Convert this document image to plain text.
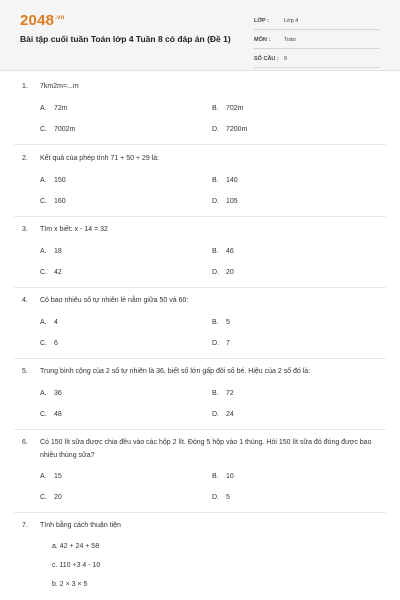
$2048^{.vn}$
Bài tập cuối tuần Toán lớp 4 Tuần 8 có đáp án (Đề 1)
LỚP :	Lớp 4
MÔN :	Toán
SỐ CÂU : 9
1. 7km2m=...m
A. 72m	B. 702m
C. 7002m	D. 7200m
2. Kết quả của phép tính 71 + 50 + 29 là:
A. 150	B. 140
C. 160	D. 105
3. Tìm x biết: x - 14 = 32
A. 18	B. 46
C. 42	D. 20
4. Có bao nhiêu số tự nhiên lẻ nằm giữa 50 và 60:
A. 4	B. 5
C. 6	D. 7
5. Trung bình cộng của 2 số tự nhiên là 36, biết số lớn gấp đôi số bé. Hiệu của 2 số đó là:
A. 36	B. 72
C. 48	D. 24
6. Có 150 lít sữa được chia đều vào các hộp 2 lít. Đóng 5 hộp vào 1 thùng. Hỏi 150 lít sữa đó đóng được bao nhiêu thùng sữa?
A. 15	B. 10
C. 20	D. 5
7. Tính bằng cách thuận tiện
a. 42 + 24 + 58
c. 110 +3 4 - 10
b. 2 × 3 × 5
